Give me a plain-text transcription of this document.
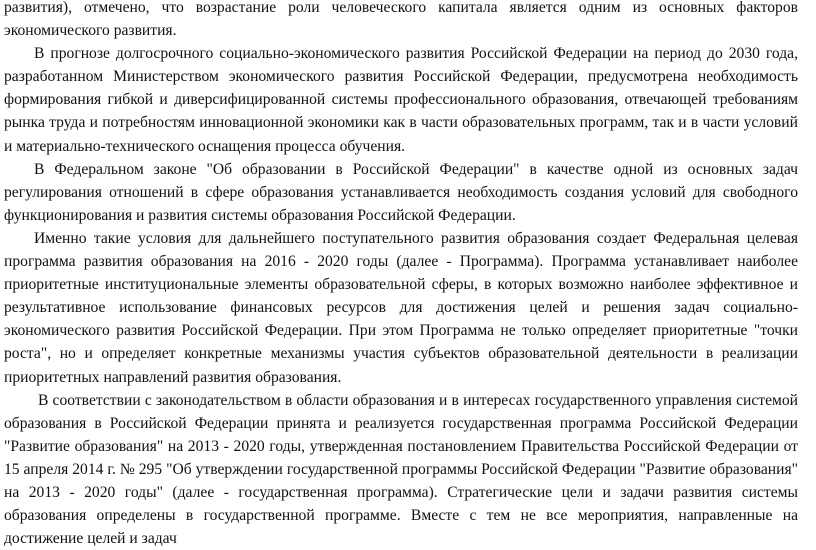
развития), отмечено, что возрастание роли человеческого капитала является одним из основных факторов экономического развития.

В прогнозе долгосрочного социально-экономического развития Российской Федерации на период до 2030 года, разработанном Министерством экономического развития Российской Федерации, предусмотрена необходимость формирования гибкой и диверсифицированной системы профессионального образования, отвечающей требованиям рынка труда и потребностям инновационной экономики как в части образовательных программ, так и в части условий и материально-технического оснащения процесса обучения.

В Федеральном законе "Об образовании в Российской Федерации" в качестве одной из основных задач регулирования отношений в сфере образования устанавливается необходимость создания условий для свободного функционирования и развития системы образования Российской Федерации.

Именно такие условия для дальнейшего поступательного развития образования создает Федеральная целевая программа развития образования на 2016 - 2020 годы (далее - Программа). Программа устанавливает наиболее приоритетные институциональные элементы образовательной сферы, в которых возможно наиболее эффективное и результативное использование финансовых ресурсов для достижения целей и решения задач социально-экономического развития Российской Федерации. При этом Программа не только определяет приоритетные "точки роста", но и определяет конкретные механизмы участия субъектов образовательной деятельности в реализации приоритетных направлений развития образования.

В соответствии с законодательством в области образования и в интересах государственного управления системой образования в Российской Федерации принята и реализуется государственная программа Российской Федерации "Развитие образования" на 2013 - 2020 годы, утвержденная постановлением Правительства Российской Федерации от 15 апреля 2014 г. № 295 "Об утверждении государственной программы Российской Федерации "Развитие образования" на 2013 - 2020 годы" (далее - государственная программа). Стратегические цели и задачи развития системы образования определены в государственной программе. Вместе с тем не все мероприятия, направленные на достижение целей и задач
